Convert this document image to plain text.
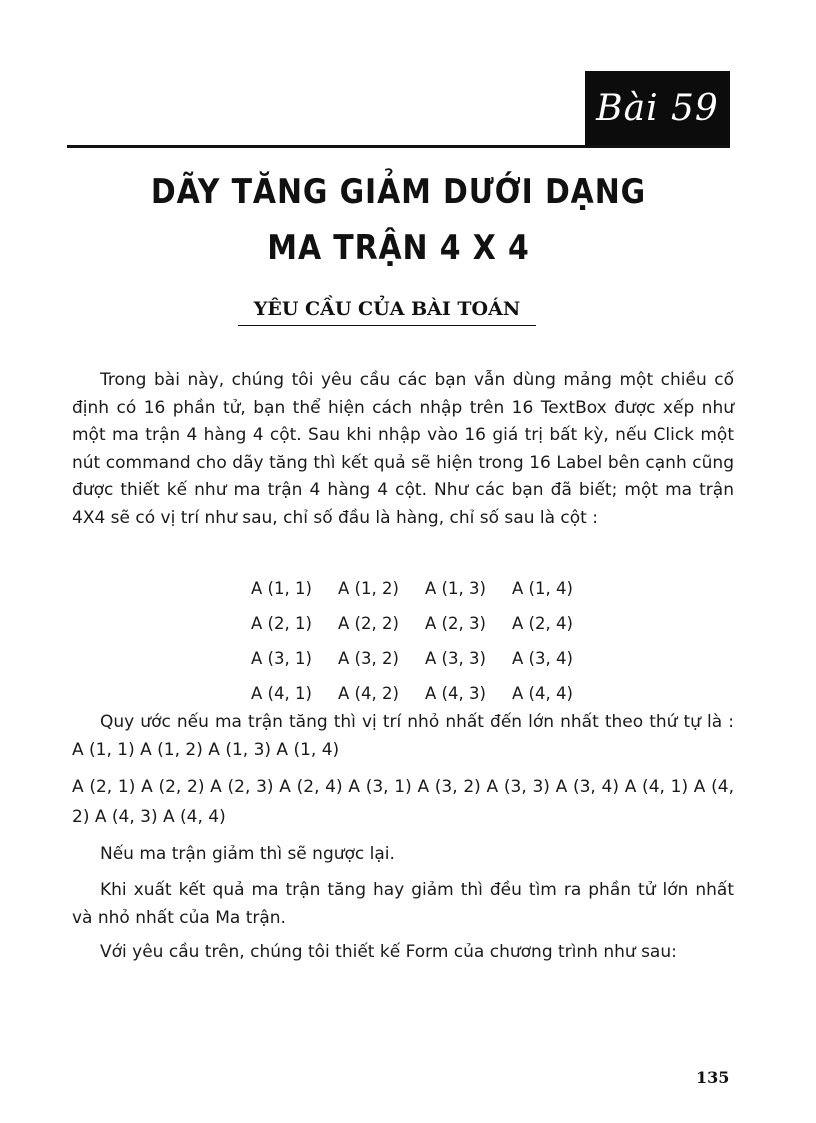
Bài 59
DÃY TĂNG GIẢM DƯỚI DẠNG
MA TRẬN 4 X 4
YÊU CẦU CỦA BÀI TOÁN

Trong bài này, chúng tôi yêu cầu các bạn vẫn dùng mảng một chiều cố định có 16 phần tử, bạn thể hiện cách nhập trên 16 TextBox được xếp như một ma trận 4 hàng 4 cột. Sau khi nhập vào 16 giá trị bất kỳ, nếu Click một nút command cho dãy tăng thì kết quả sẽ hiện trong 16 Label bên cạnh cũng được thiết kế như ma trận 4 hàng 4 cột. Như các bạn đã biết; một ma trận 4X4 sẽ có vị trí như sau, chỉ số đầu là hàng, chỉ số sau là cột :

A (1, 1)	A (1, 2)	A (1, 3)	A (1, 4)
A (2, 1)	A (2, 2)	A (2, 3)	A (2, 4)
A (3, 1)	A (3, 2)	A (3, 3)	A (3, 4)
A (4, 1)	A (4, 2)	A (4, 3)	A (4, 4)

Quy ước nếu ma trận tăng thì vị trí nhỏ nhất đến lớn nhất theo thứ tự là : A (1, 1) A (1, 2) A (1, 3) A (1, 4)

A (2, 1) A (2, 2) A (2, 3) A (2, 4) A (3, 1) A (3, 2) A (3, 3) A (3, 4) A (4, 1) A (4, 2) A (4, 3) A (4, 4)

Nếu ma trận giảm thì sẽ ngược lại.

Khi xuất kết quả ma trận tăng hay giảm thì đều tìm ra phần tử lớn nhất và nhỏ nhất của Ma trận.

Với yêu cầu trên, chúng tôi thiết kế Form của chương trình như sau:

135
